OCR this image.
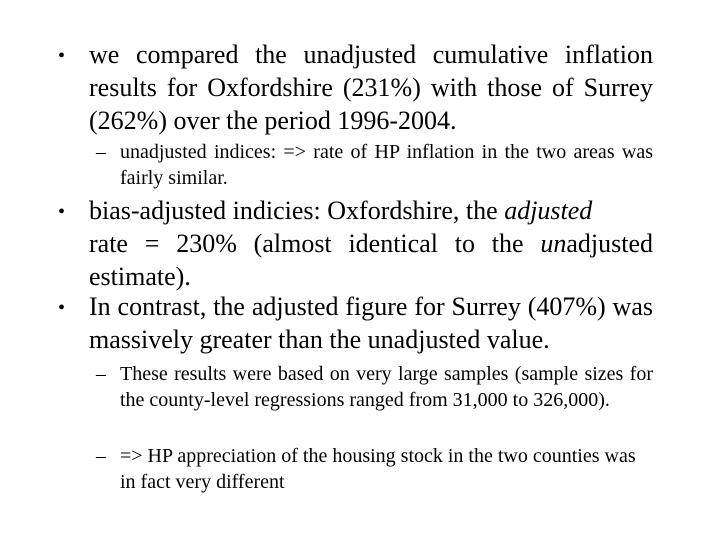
• we compared the unadjusted cumulative inflation results for Oxfordshire (231%) with those of Surrey (262%) over the period 1996-2004.
– unadjusted indices: => rate of HP inflation in the two areas was fairly similar.
• bias-adjusted indicies: Oxfordshire, the adjusted
rate = 230% (almost identical to the unadjusted
estimate).
• In contrast, the adjusted figure for Surrey (407%) was massively greater than the unadjusted value.
– These results were based on very large samples (sample sizes for the county-level regressions ranged from 31,000 to 326,000).
– => HP appreciation of the housing stock in the two counties was in fact very different
